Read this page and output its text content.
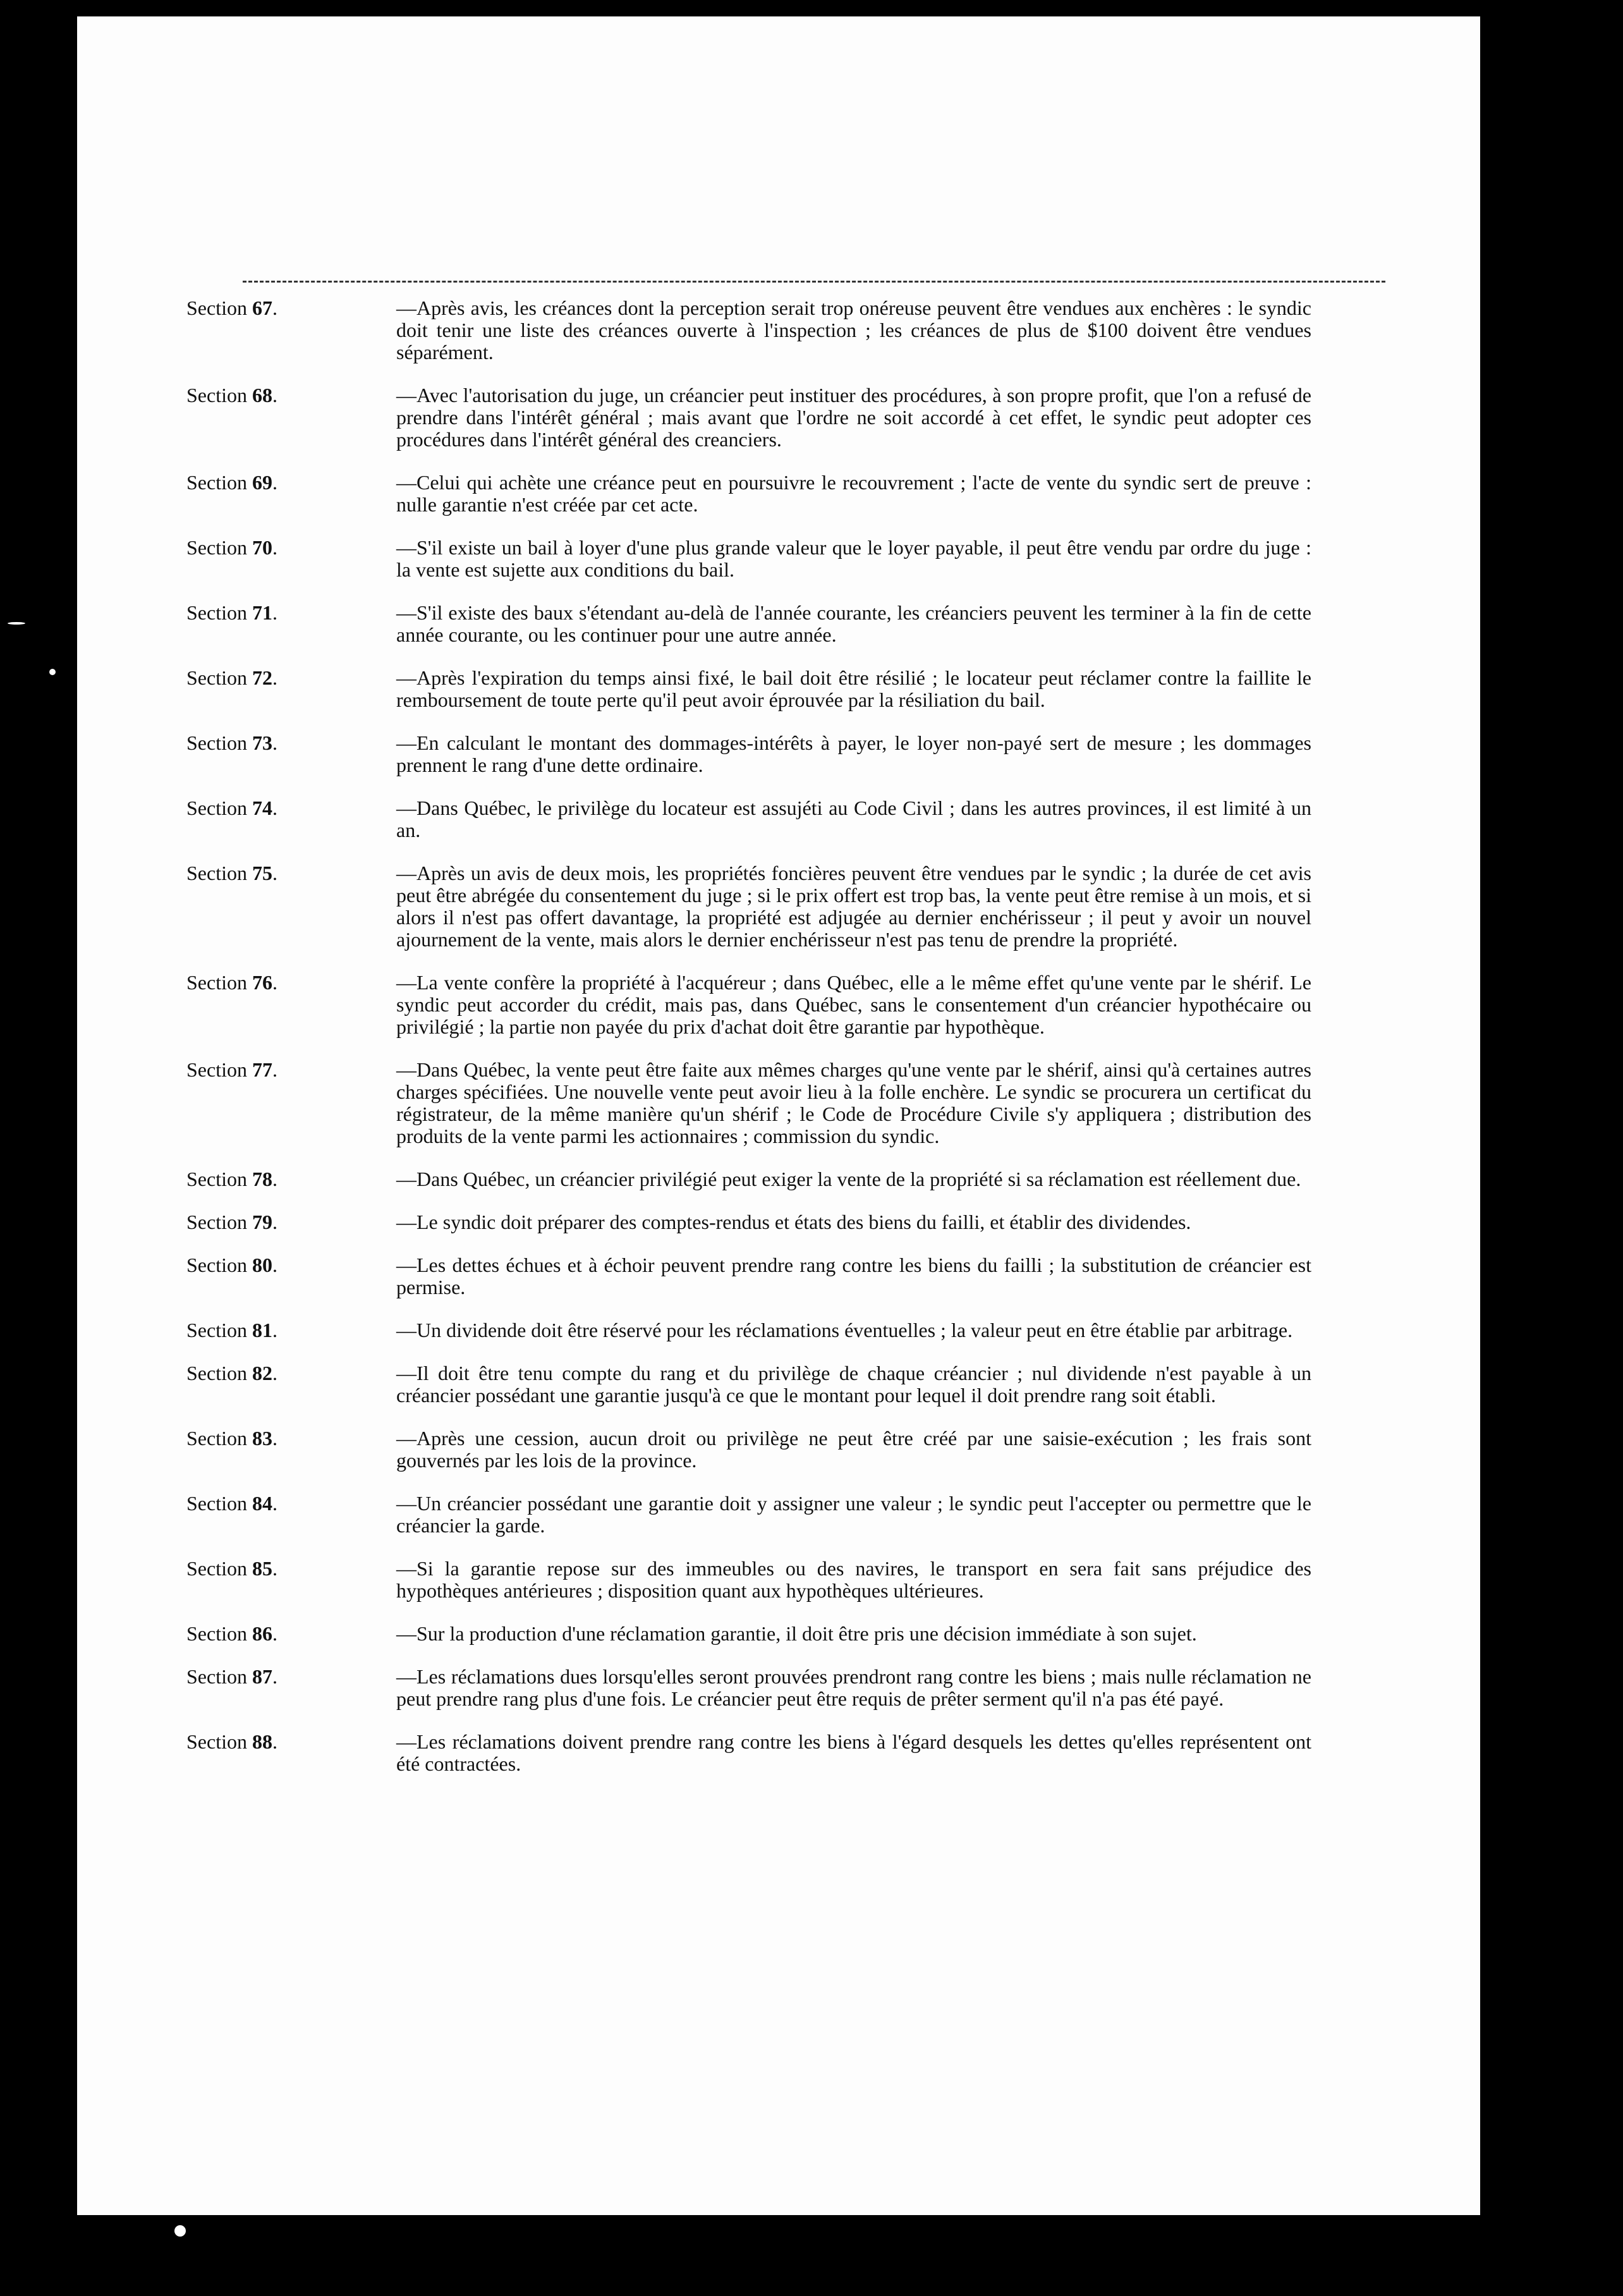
Section 67.	—Après avis, les créances dont la perception serait trop onéreuse peuvent être vendues aux enchères : le syndic doit tenir une liste des créances ouverte à l'inspection ; les créances de plus de $100 doivent être vendues séparément.
Section 68.	—Avec l'autorisation du juge, un créancier peut instituer des procédures, à son propre profit, que l'on a refusé de prendre dans l'intérêt général ; mais avant que l'ordre ne soit accordé à cet effet, le syndic peut adopter ces procédures dans l'intérêt général des creanciers.
Section 69.	—Celui qui achète une créance peut en poursuivre le recouvrement ; l'acte de vente du syndic sert de preuve : nulle garantie n'est créée par cet acte.
Section 70.	—S'il existe un bail à loyer d'une plus grande valeur que le loyer payable, il peut être vendu par ordre du juge : la vente est sujette aux conditions du bail.
Section 71.	—S'il existe des baux s'étendant au-delà de l'année courante, les créanciers peuvent les terminer à la fin de cette année courante, ou les continuer pour une autre année.
Section 72.	—Après l'expiration du temps ainsi fixé, le bail doit être résilié ; le locateur peut réclamer contre la faillite le remboursement de toute perte qu'il peut avoir éprouvée par la résiliation du bail.
Section 73.	—En calculant le montant des dommages-intérêts à payer, le loyer non-payé sert de mesure ; les dommages prennent le rang d'une dette ordinaire.
Section 74.	—Dans Québec, le privilège du locateur est assujéti au Code Civil ; dans les autres provinces, il est limité à un an.
Section 75.	—Après un avis de deux mois, les propriétés foncières peuvent être vendues par le syndic ; la durée de cet avis peut être abrégée du consentement du juge ; si le prix offert est trop bas, la vente peut être remise à un mois, et si alors il n'est pas offert davantage, la propriété est adjugée au dernier enchérisseur ; il peut y avoir un nouvel ajournement de la vente, mais alors le dernier enchérisseur n'est pas tenu de prendre la propriété.
Section 76.	—La vente confère la propriété à l'acquéreur ; dans Québec, elle a le même effet qu'une vente par le shérif. Le syndic peut accorder du crédit, mais pas, dans Québec, sans le consentement d'un créancier hypothécaire ou privilégié ; la partie non payée du prix d'achat doit être garantie par hypothèque.
Section 77.	—Dans Québec, la vente peut être faite aux mêmes charges qu'une vente par le shérif, ainsi qu'à certaines autres charges spécifiées. Une nouvelle vente peut avoir lieu à la folle enchère. Le syndic se procurera un certificat du régistrateur, de la même manière qu'un shérif ; le Code de Procédure Civile s'y appliquera ; distribution des produits de la vente parmi les actionnaires ; commission du syndic.
Section 78.	—Dans Québec, un créancier privilégié peut exiger la vente de la propriété si sa réclamation est réellement due.
Section 79.	—Le syndic doit préparer des comptes-rendus et états des biens du failli, et établir des dividendes.
Section 80.	—Les dettes échues et à échoir peuvent prendre rang contre les biens du failli ; la substitution de créancier est permise.
Section 81.	—Un dividende doit être réservé pour les réclamations éventuelles ; la valeur peut en être établie par arbitrage.
Section 82.	—Il doit être tenu compte du rang et du privilège de chaque créancier ; nul dividende n'est payable à un créancier possédant une garantie jusqu'à ce que le montant pour lequel il doit prendre rang soit établi.
Section 83.	—Après une cession, aucun droit ou privilège ne peut être créé par une saisie-exécution ; les frais sont gouvernés par les lois de la province.
Section 84.	—Un créancier possédant une garantie doit y assigner une valeur ; le syndic peut l'accepter ou permettre que le créancier la garde.
Section 85.	—Si la garantie repose sur des immeubles ou des navires, le transport en sera fait sans préjudice des hypothèques antérieures ; disposition quant aux hypothèques ultérieures.
Section 86.	—Sur la production d'une réclamation garantie, il doit être pris une décision immédiate à son sujet.
Section 87.	—Les réclamations dues lorsqu'elles seront prouvées prendront rang contre les biens ; mais nulle réclamation ne peut prendre rang plus d'une fois. Le créancier peut être requis de prêter serment qu'il n'a pas été payé.
Section 88.	—Les réclamations doivent prendre rang contre les biens à l'égard desquels les dettes qu'elles représentent ont été contractées.
